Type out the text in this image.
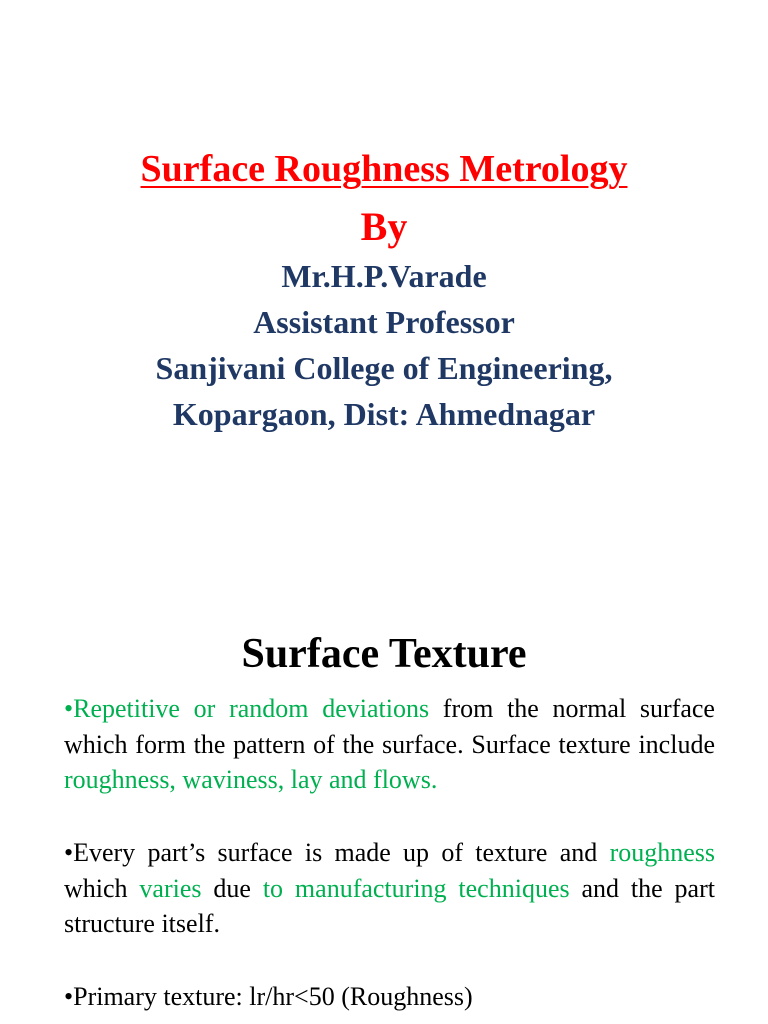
Surface Roughness Metrology
By
Mr.H.P.Varade
Assistant Professor
Sanjivani College of Engineering,
Kopargaon, Dist: Ahmednagar
Surface Texture
•Repetitive or random deviations from the normal surface which form the pattern of the surface. Surface texture include roughness, waviness, lay and flows.
•Every part’s surface is made up of texture and roughness which varies due to manufacturing techniques and the part structure itself.
•Primary texture: lr/hr<50 (Roughness)
